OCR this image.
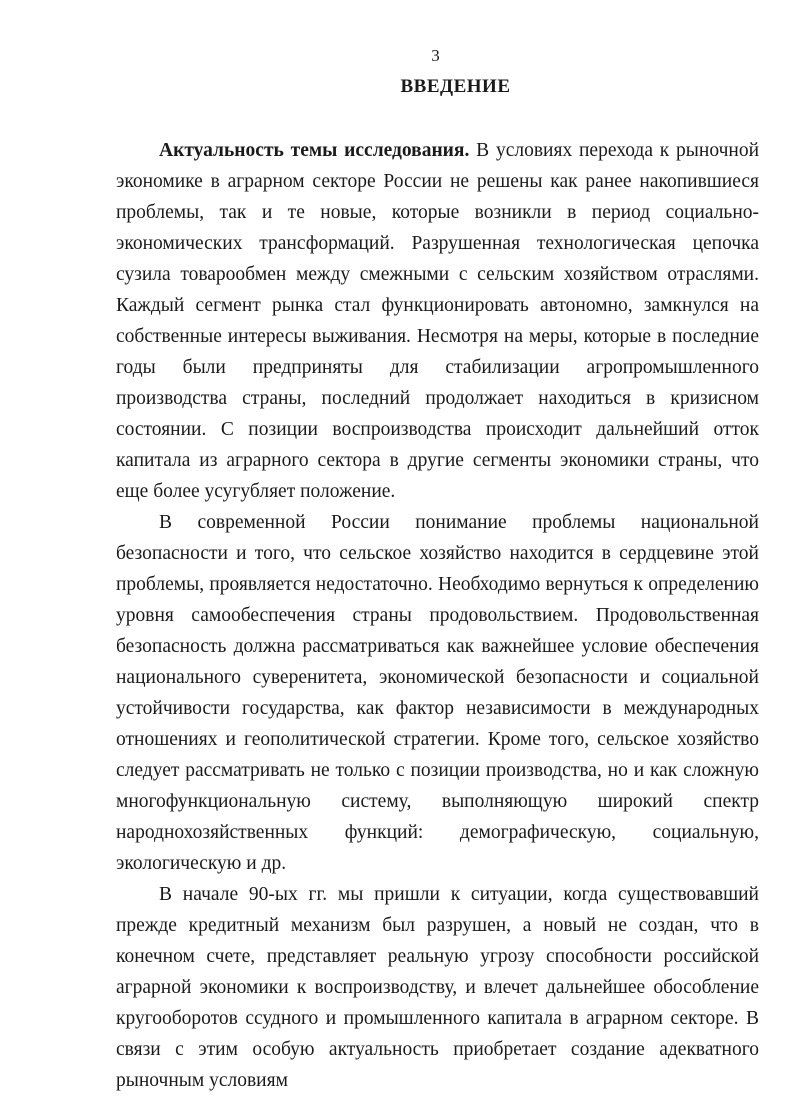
3
ВВЕДЕНИЕ

Актуальность темы исследования. В условиях перехода к рыночной экономике в аграрном секторе России не решены как ранее накопившиеся проблемы, так и те новые, которые возникли в период социально-экономических трансформаций. Разрушенная технологическая цепочка сузила товарообмен между смежными с сельским хозяйством отраслями. Каждый сегмент рынка стал функционировать автономно, замкнулся на собственные интересы выживания. Несмотря на меры, которые в последние годы были предприняты для стабилизации агропромышленного производства страны, последний продолжает находиться в кризисном состоянии. С позиции воспроизводства происходит дальнейший отток капитала из аграрного сектора в другие сегменты экономики страны, что еще более усугубляет положение.

В современной России понимание проблемы национальной безопасности и того, что сельское хозяйство находится в сердцевине этой проблемы, проявляется недостаточно. Необходимо вернуться к определению уровня самообеспечения страны продовольствием. Продовольственная безопасность должна рассматриваться как важнейшее условие обеспечения национального суверенитета, экономической безопасности и социальной устойчивости государства, как фактор независимости в международных отношениях и геополитической стратегии. Кроме того, сельское хозяйство следует рассматривать не только с позиции производства, но и как сложную многофункциональную систему, выполняющую широкий спектр народнохозяйственных функций: демографическую, социальную, экологическую и др.

В начале 90-ых гг. мы пришли к ситуации, когда существовавший прежде кредитный механизм был разрушен, а новый не создан, что в конечном счете, представляет реальную угрозу способности российской аграрной экономики к воспроизводству, и влечет дальнейшее обособление кругооборотов ссудного и промышленного капитала в аграрном секторе. В связи с этим особую актуальность приобретает создание адекватного рыночным условиям
